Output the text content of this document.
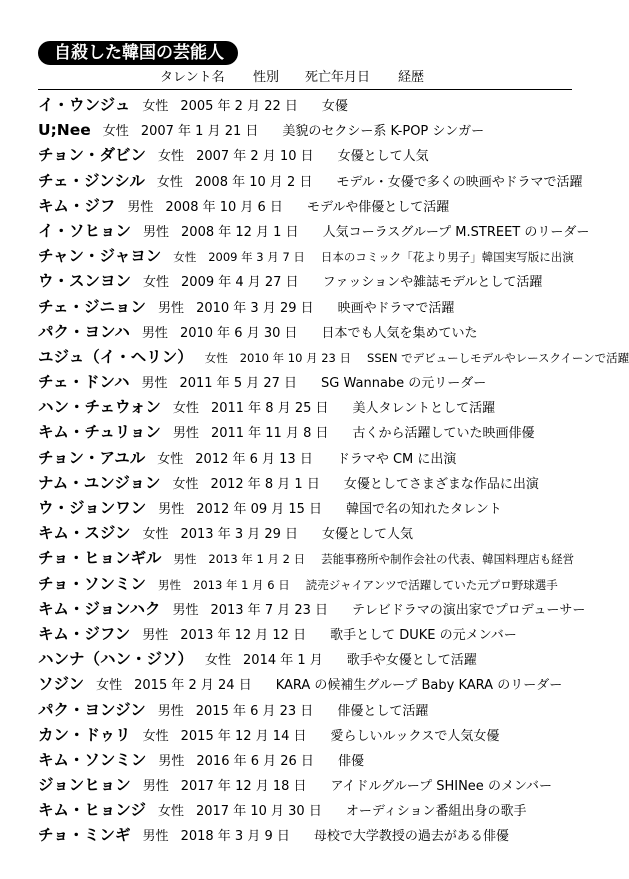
自殺した韓国の芸能人
タレント名 性別 死亡年月日 経歴
イ・ウンジュ 女性 2005 年 2 月 22 日 女優
U;Nee 女性 2007 年 1 月 21 日 美貌のセクシー系 K-POP シンガー
チョン・ダビン 女性 2007 年 2 月 10 日 女優として人気
チェ・ジンシル 女性 2008 年 10 月 2 日 モデル・女優で多くの映画やドラマで活躍
キム・ジフ 男性 2008 年 10 月 6 日 モデルや俳優として活躍
イ・ソヒョン 男性 2008 年 12 月 1 日 人気コーラスグループ M.STREET のリーダー
チャン・ジャヨン 女性 2009 年 3 月 7 日 日本のコミック「花より男子」韓国実写版に出演
ウ・スンヨン 女性 2009 年 4 月 27 日 ファッションや雑誌モデルとして活躍
チェ・ジニョン 男性 2010 年 3 月 29 日 映画やドラマで活躍
パク・ヨンハ 男性 2010 年 6 月 30 日 日本でも人気を集めていた
ユジュ（イ・ヘリン） 女性 2010 年 10 月 23 日 SSEN でデビューしモデルやレースクイーンで活躍
チェ・ドンハ 男性 2011 年 5 月 27 日 SG Wannabe の元リーダー
ハン・チェウォン 女性 2011 年 8 月 25 日 美人タレントとして活躍
キム・チュリョン 男性 2011 年 11 月 8 日 古くから活躍していた映画俳優
チョン・アユル 女性 2012 年 6 月 13 日 ドラマや CM に出演
ナム・ユンジョン 女性 2012 年 8 月 1 日 女優としてさまざまな作品に出演
ウ・ジョンワン 男性 2012 年 09 月 15 日 韓国で名の知れたタレント
キム・スジン 女性 2013 年 3 月 29 日 女優として人気
チョ・ヒョンギル 男性 2013 年 1 月 2 日 芸能事務所や制作会社の代表、韓国料理店も経営
チョ・ソンミン 男性 2013 年 1 月 6 日 読売ジャイアンツで活躍していた元プロ野球選手
キム・ジョンハク 男性 2013 年 7 月 23 日 テレビドラマの演出家でプロデューサー
キム・ジフン 男性 2013 年 12 月 12 日 歌手として DUKE の元メンバー
ハンナ（ハン・ジソ） 女性 2014 年 1 月 歌手や女優として活躍
ソジン 女性 2015 年 2 月 24 日 KARA の候補生グループ Baby KARA のリーダー
パク・ヨンジン 男性 2015 年 6 月 23 日 俳優として活躍
カン・ドゥリ 女性 2015 年 12 月 14 日 愛らしいルックスで人気女優
キム・ソンミン 男性 2016 年 6 月 26 日 俳優
ジョンヒョン 男性 2017 年 12 月 18 日 アイドルグループ SHINee のメンバー
キム・ヒョンジ 女性 2017 年 10 月 30 日 オーディション番組出身の歌手
チョ・ミンギ 男性 2018 年 3 月 9 日 母校で大学教授の過去がある俳優
